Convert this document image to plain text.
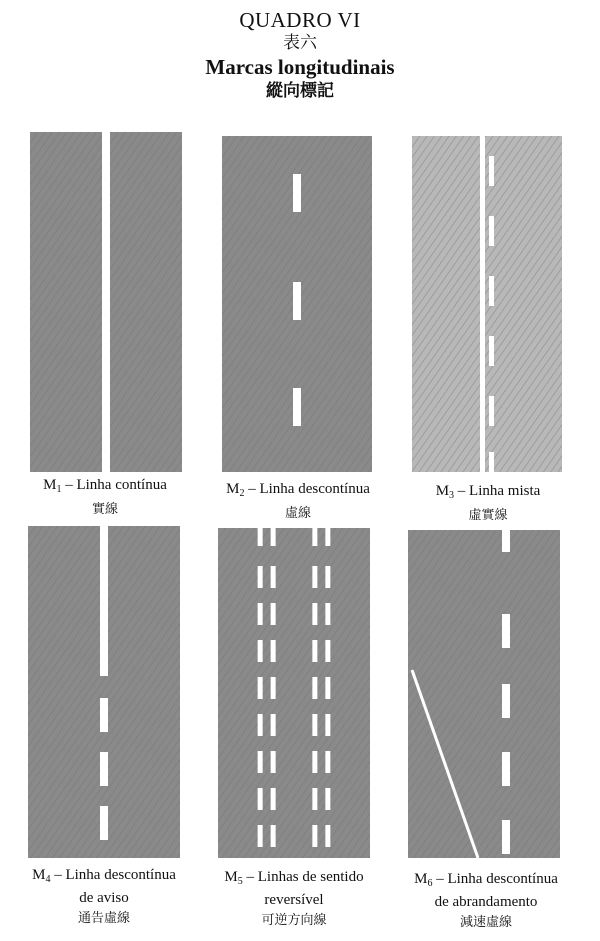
QUADRO VI
表六
Marcas longitudinais
縱向標記
$M_1$ – Linha contínua
實線
$M_2$ – Linha descontínua
虛線
$M_3$ – Linha mista
虛實線
$M_4$ – Linha descontínua
de aviso
通告虛線
$M_5$ – Linhas de sentido
reversível
可逆方向線
$M_6$ – Linha descontínua
de abrandamento
減速虛線
